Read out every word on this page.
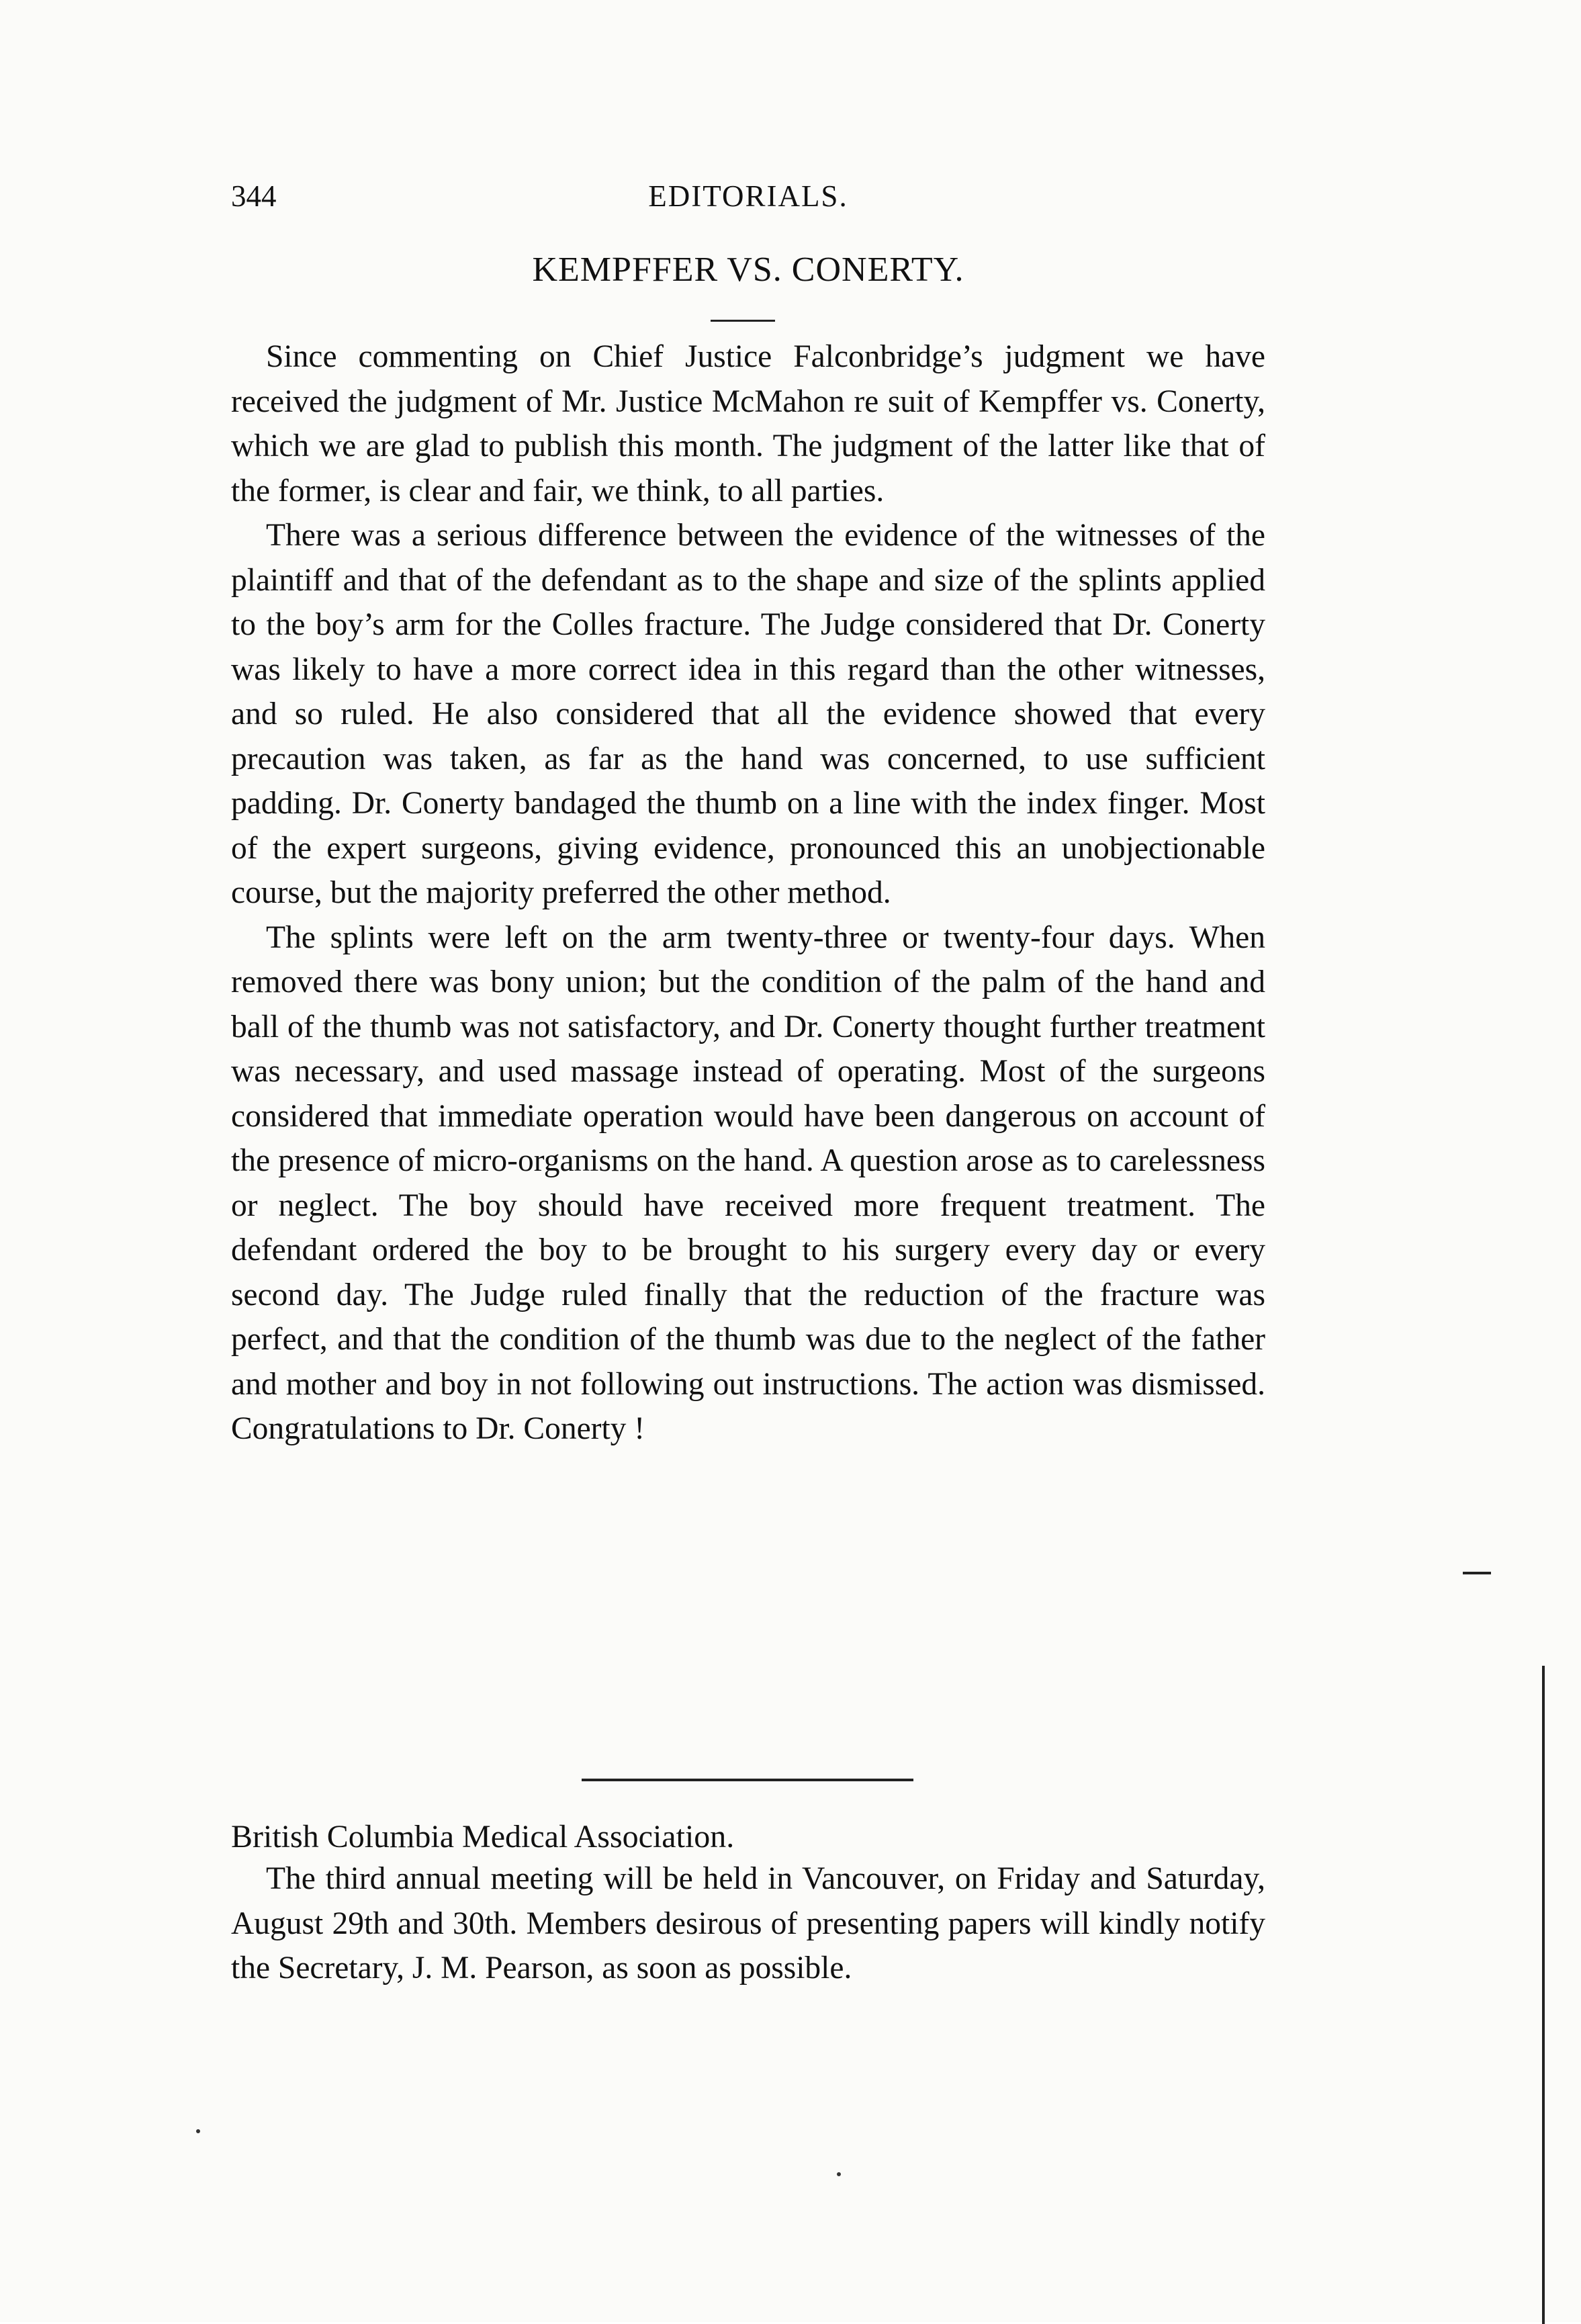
344	EDITORIALS.
KEMPFFER VS. CONERTY.

Since commenting on Chief Justice Falconbridge’s judgment we have received the judgment of Mr. Justice McMahon re suit of Kempffer vs. Conerty, which we are glad to publish this month. The judgment of the latter like that of the former, is clear and fair, we think, to all parties.

There was a serious difference between the evidence of the witnesses of the plaintiff and that of the defendant as to the shape and size of the splints applied to the boy’s arm for the Colles fracture. The Judge considered that Dr. Conerty was likely to have a more correct idea in this regard than the other witnesses, and so ruled. He also considered that all the evidence showed that every precaution was taken, as far as the hand was concerned, to use sufficient padding. Dr. Conerty bandaged the thumb on a line with the index finger. Most of the expert surgeons, giving evidence, pronounced this an unobjectionable course, but the majority preferred the other method.

The splints were left on the arm twenty-three or twenty-four days. When removed there was bony union; but the condition of the palm of the hand and ball of the thumb was not satisfactory, and Dr. Conerty thought further treatment was necessary, and used massage instead of operating. Most of the surgeons considered that immediate operation would have been dangerous on account of the presence of micro-organisms on the hand. A question arose as to carelessness or neglect. The boy should have received more frequent treatment. The defendant ordered the boy to be brought to his surgery every day or every second day. The Judge ruled finally that the reduction of the fracture was perfect, and that the condition of the thumb was due to the neglect of the father and mother and boy in not following out instructions. The action was dismissed. Congratulations to Dr. Conerty !

British Columbia Medical Association.

The third annual meeting will be held in Vancouver, on Friday and Saturday, August 29th and 30th. Members desirous of presenting papers will kindly notify the Secretary, J. M. Pearson, as soon as possible.
